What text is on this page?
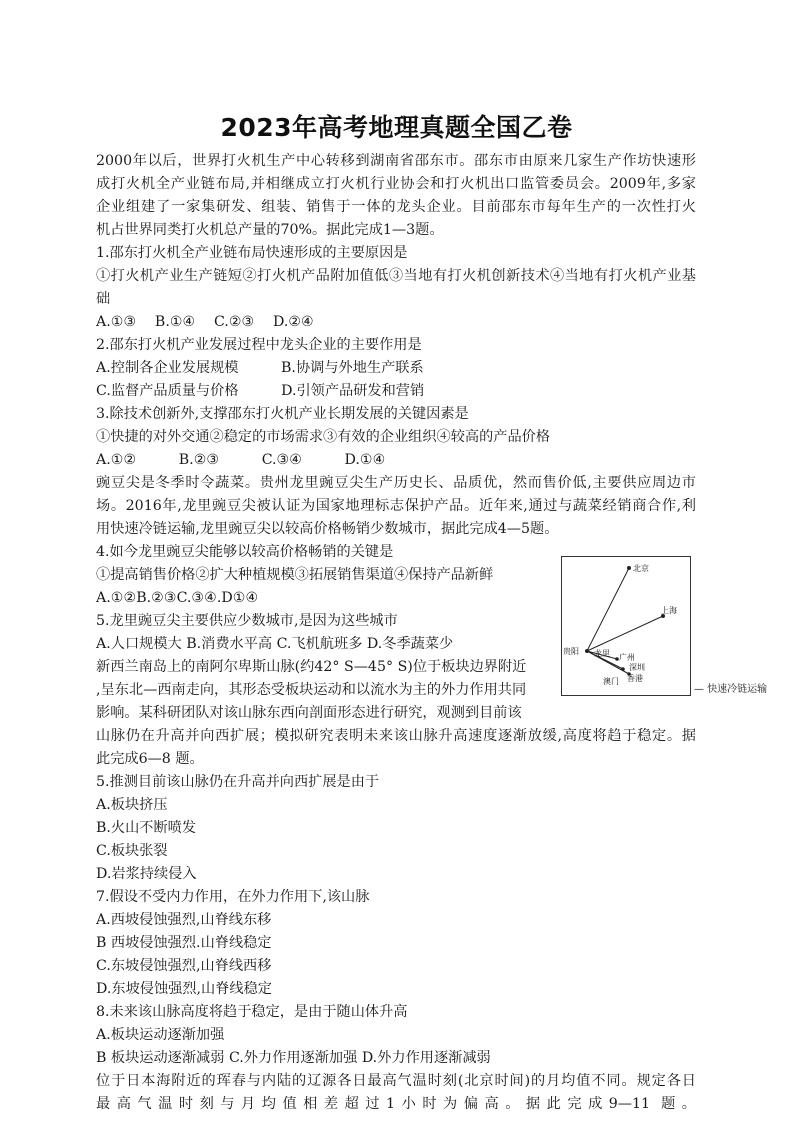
2023年高考地理真题全国乙卷
2000年以后，世界打火机生产中心转移到湖南省邵东市。邵东市由原来几家生产作坊快速形
成打火机全产业链布局,并相继成立打火机行业协会和打火机出口监管委员会。2009年,多家
企业组建了一家集研发、组装、销售于一体的龙头企业。目前邵东市每年生产的一次性打火
机占世界同类打火机总产量的70%。据此完成1—3题。
1.邵东打火机全产业链布局快速形成的主要原因是
①打火机产业生产链短②打火机产品附加值低③当地有打火机创新技术④当地有打火机产业基
础
A.①③　 B.①④　 C.②③　 D.②④
2.邵东打火机产业发展过程中龙头企业的主要作用是
A.控制各企业发展规模　　　B.协调与外地生产联系
C.监督产品质量与价格　　　D.引领产品研发和营销
3.除技术创新外,支撑邵东打火机产业长期发展的关键因素是
①快捷的对外交通②稳定的市场需求③有效的企业组织④较高的产品价格
A.①②　　　B.②③　　　C.③④　　　D.①④
豌豆尖是冬季时令蔬菜。贵州龙里豌豆尖生产历史长、品质优，然而售价低,主要供应周边市
场。2016年,龙里豌豆尖被认证为国家地理标志保护产品。近年来,通过与蔬菜经销商合作,利
用快速冷链运输,龙里豌豆尖以较高价格畅销少数城市，据此完成4—5题。
4.如今龙里豌豆尖能够以较高价格畅销的关键是
①提高销售价格②扩大种植规模③拓展销售渠道④保持产品新鲜
A.①②B.②③C.③④.D①④
5.龙里豌豆尖主要供应少数城市,是因为这些城市
A.人口规模大 B.消费水平高 C.飞机航班多 D.冬季蔬菜少
新西兰南岛上的南阿尔卑斯山脉(约42° S—45° S)位于板块边界附近
,呈东北—西南走向，其形态受板块运动和以流水为主的外力作用共同
影响。某科研团队对该山脉东西向剖面形态进行研究，观测到目前该
山脉仍在升高并向西扩展；模拟研究表明未来该山脉升高速度逐渐放缓,高度将趋于稳定。据
此完成6—8 题。
5.推测目前该山脉仍在升高并向西扩展是由于
A.板块挤压
B.火山不断喷发
C.板块张裂
D.岩浆持续侵入
7.假设不受内力作用，在外力作用下,该山脉
A.西坡侵蚀强烈,山脊线东移
B 西坡侵蚀强烈.山脊线稳定
C.东坡侵蚀强烈,山脊线西移
D.东坡侵蚀强烈,山脊线稳定
8.未来该山脉高度将趋于稳定，是由于随山体升高
A.板块运动逐渐加强
B 板块运动逐渐减弱 C.外力作用逐渐加强 D.外力作用逐渐减弱
位于日本海附近的珲春与内陆的辽源各日最高气温时刻(北京时间)的月均值不同。规定各日
最高气温时刻与月均值相差超过1小时为偏高。据此完成9—11 题。
北京
上海
贵阳 龙里 广州
深圳
澳门 香港
— 快速冷链运输
